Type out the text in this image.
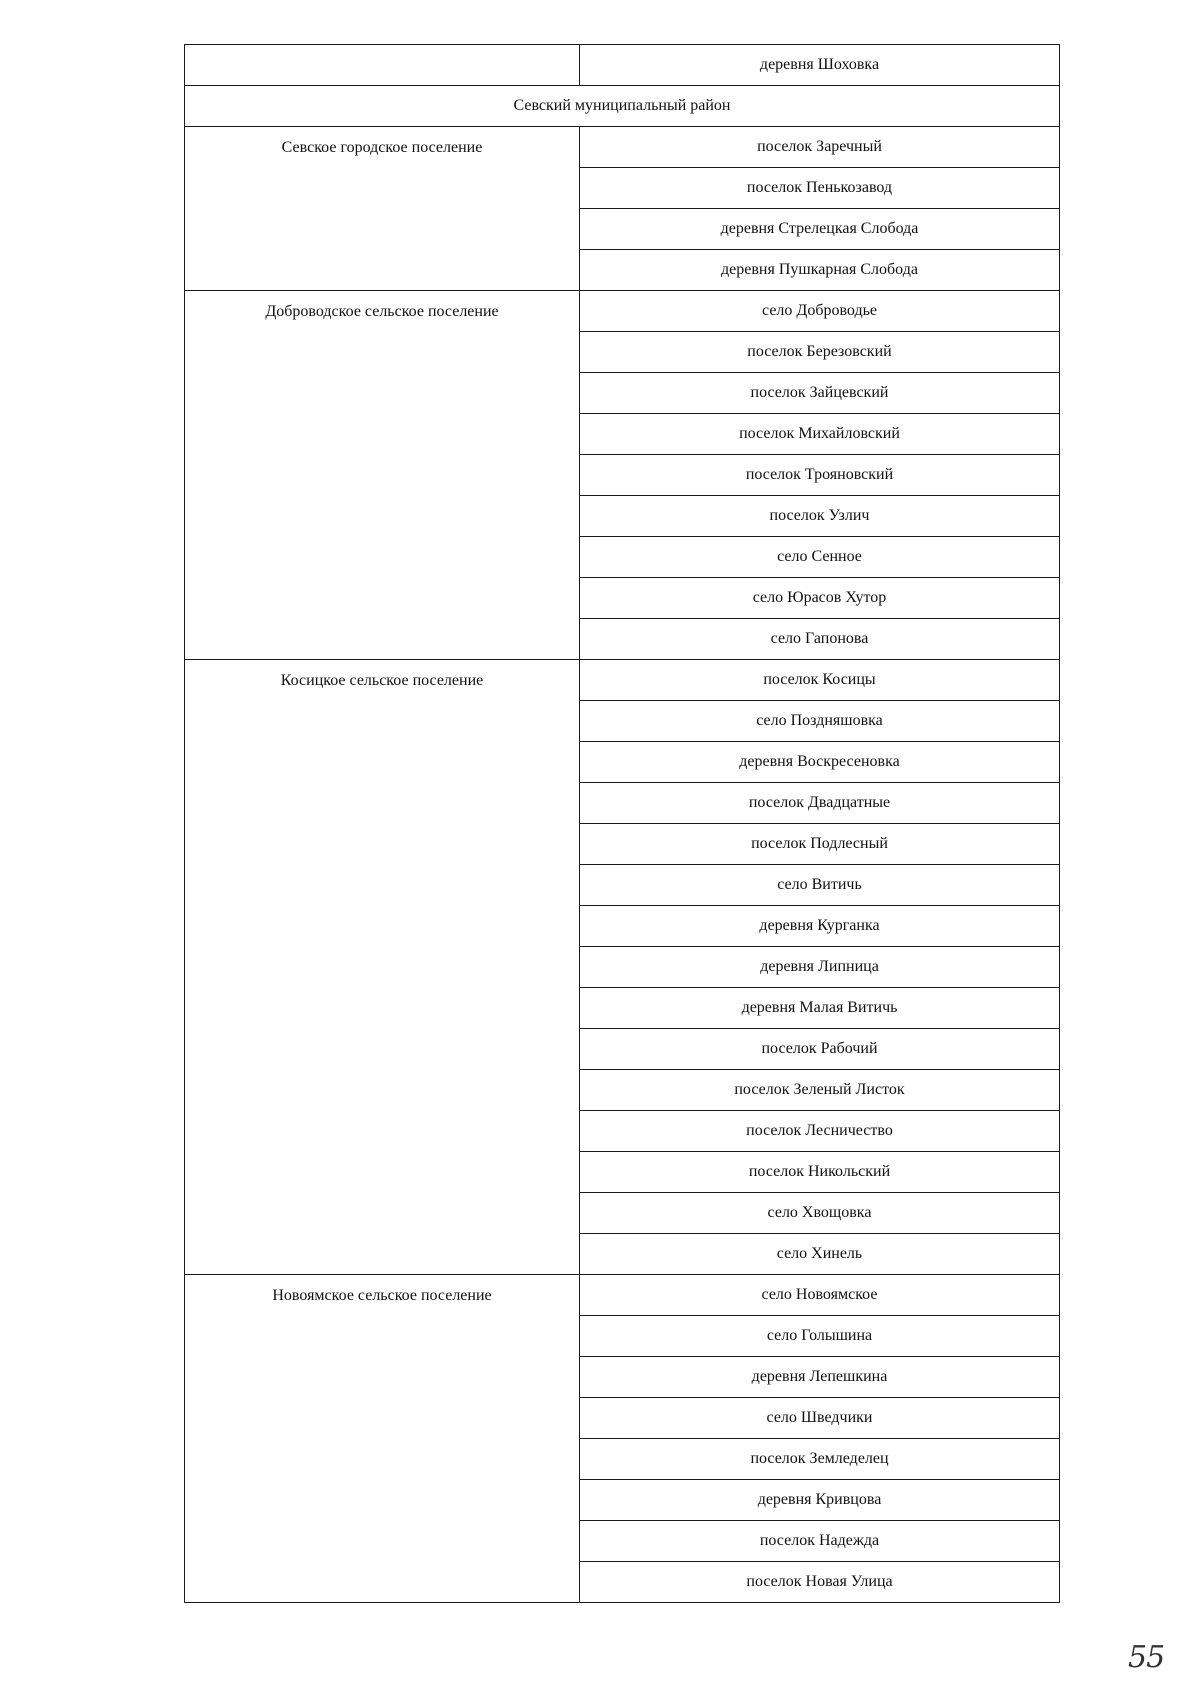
	деревня Шоховка
Севский муниципальный район	
Севское городское поселение	поселок Заречный
	поселок Пенькозавод
	деревня Стрелецкая Слобода
	деревня Пушкарная Слобода
Доброводское сельское поселение	село Доброводье
	поселок Березовский
	поселок Зайцевский
	поселок Михайловский
	поселок Трояновский
	поселок Узлич
	село Сенное
	село Юрасов Хутор
	село Гапонова
Косицкое сельское поселение	поселок Косицы
	село Поздняшовка
	деревня Воскресеновка
	поселок Двадцатные
	поселок Подлесный
	село Витичь
	деревня Курганка
	деревня Липница
	деревня Малая Витичь
	поселок Рабочий
	поселок Зеленый Листок
	поселок Лесничество
	поселок Никольский
	село Хвощовка
	село Хинель
Новоямское сельское поселение	село Новоямское
	село Голышина
	деревня Лепешкина
	село Шведчики
	поселок Земледелец
	деревня Кривцова
	поселок Надежда
	поселок Новая Улица
55
